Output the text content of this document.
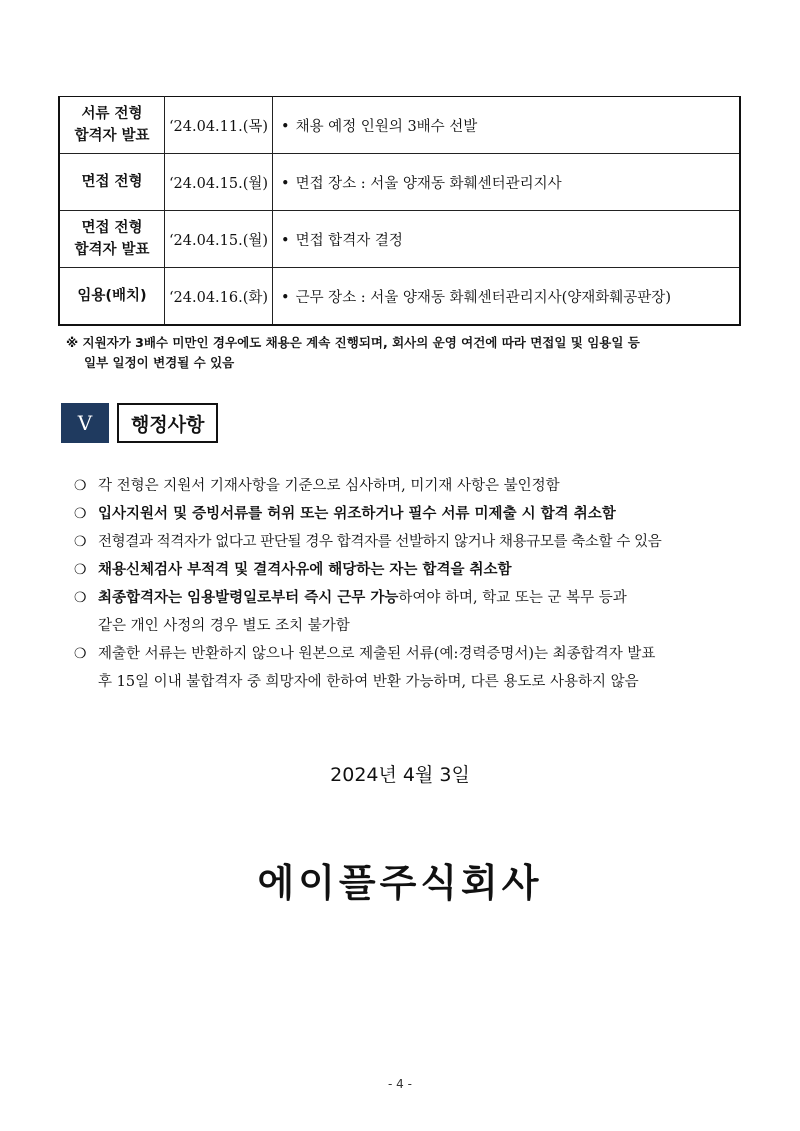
서류 전형
합격자 발표	‘24.04.11.(목)	• 채용 예정 인원의 3배수 선발
면접 전형	‘24.04.15.(월)	• 면접 장소 : 서울 양재동 화훼센터관리지사
면접 전형
합격자 발표	‘24.04.15.(월)	• 면접 합격자 결정
임용(배치)	‘24.04.16.(화)	• 근무 장소 : 서울 양재동 화훼센터관리지사(양재화훼공판장)
※ 지원자가 3배수 미만인 경우에도 채용은 계속 진행되며, 회사의 운영 여건에 따라 면접일 및 임용일 등
일부 일정이 변경될 수 있음
V	행정사항
❍ 각 전형은 지원서 기재사항을 기준으로 심사하며, 미기재 사항은 불인정함
❍ 입사지원서 및 증빙서류를 허위 또는 위조하거나 필수 서류 미제출 시 합격 취소함
❍ 전형결과 적격자가 없다고 판단될 경우 합격자를 선발하지 않거나 채용규모를 축소할 수 있음
❍ 채용신체검사 부적격 및 결격사유에 해당하는 자는 합격을 취소함
❍ 최종합격자는 임용발령일로부터 즉시 근무 가능하여야 하며, 학교 또는 군 복무 등과
같은 개인 사정의 경우 별도 조치 불가함
❍ 제출한 서류는 반환하지 않으나 원본으로 제출된 서류(예:경력증명서)는 최종합격자 발표
후 15일 이내 불합격자 중 희망자에 한하여 반환 가능하며, 다른 용도로 사용하지 않음
2024년 4월 3일
에이플주식회사
- 4 -
